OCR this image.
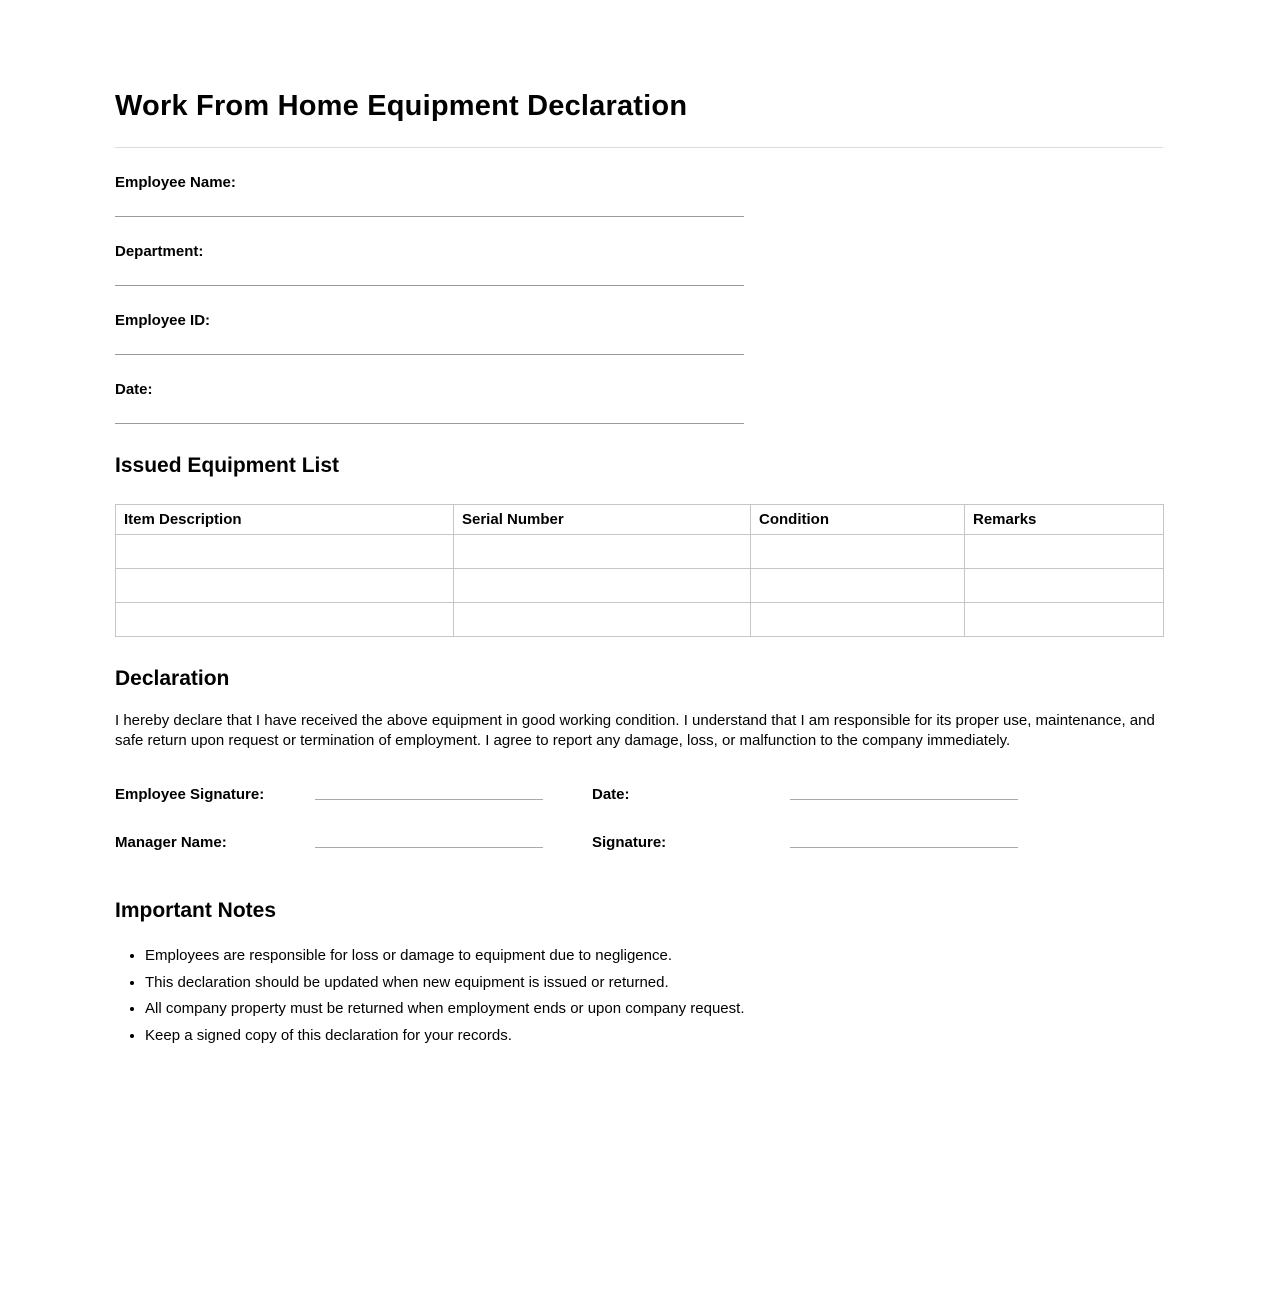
Work From Home Equipment Declaration
Employee Name:
Department:
Employee ID:
Date:
Issued Equipment List
Item Description	Serial Number	Condition	Remarks

Declaration

I hereby declare that I have received the above equipment in good working condition. I understand that I am responsible for its proper use, maintenance, and safe return upon request or termination of employment. I agree to report any damage, loss, or malfunction to the company immediately.

Employee Signature:	Date:
Manager Name:	Signature:
Important Notes
• Employees are responsible for loss or damage to equipment due to negligence.
• This declaration should be updated when new equipment is issued or returned.
• All company property must be returned when employment ends or upon company request.
• Keep a signed copy of this declaration for your records.
